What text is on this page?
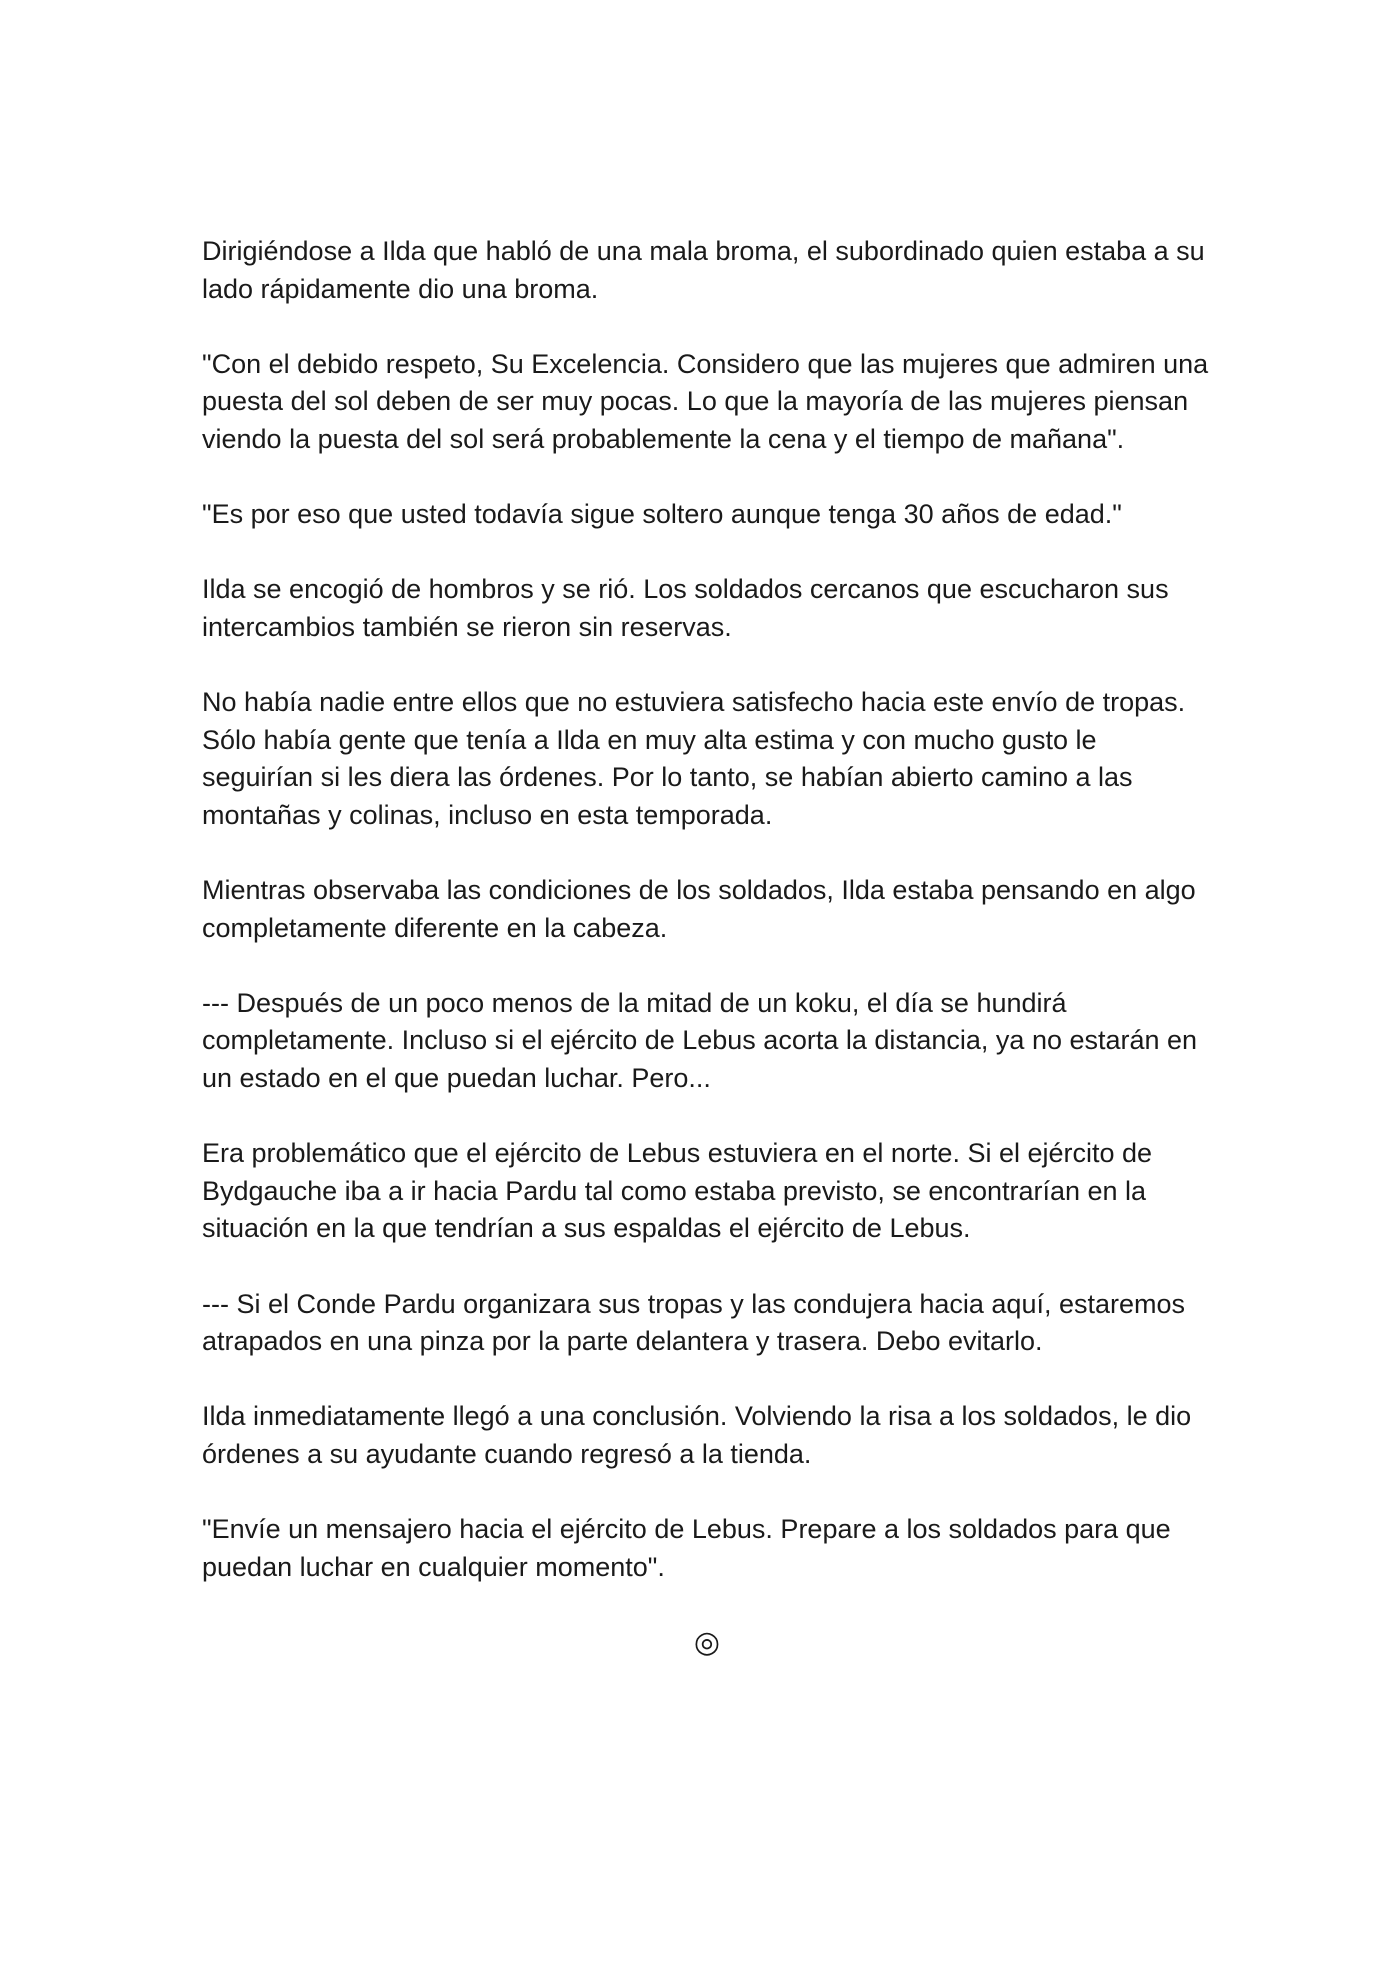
Dirigiéndose a Ilda que habló de una mala broma, el subordinado quien estaba a su lado rápidamente dio una broma.

"Con el debido respeto, Su Excelencia. Considero que las mujeres que admiren una puesta del sol deben de ser muy pocas. Lo que la mayoría de las mujeres piensan viendo la puesta del sol será probablemente la cena y el tiempo de mañana".

"Es por eso que usted todavía sigue soltero aunque tenga 30 años de edad."

Ilda se encogió de hombros y se rió. Los soldados cercanos que escucharon sus intercambios también se rieron sin reservas.

No había nadie entre ellos que no estuviera satisfecho hacia este envío de tropas. Sólo había gente que tenía a Ilda en muy alta estima y con mucho gusto le seguirían si les diera las órdenes. Por lo tanto, se habían abierto camino a las montañas y colinas, incluso en esta temporada.

Mientras observaba las condiciones de los soldados, Ilda estaba pensando en algo completamente diferente en la cabeza.

--- Después de un poco menos de la mitad de un koku, el día se hundirá completamente. Incluso si el ejército de Lebus acorta la distancia, ya no estarán en un estado en el que puedan luchar. Pero...

Era problemático que el ejército de Lebus estuviera en el norte. Si el ejército de Bydgauche iba a ir hacia Pardu tal como estaba previsto, se encontrarían en la situación en la que tendrían a sus espaldas el ejército de Lebus.

--- Si el Conde Pardu organizara sus tropas y las condujera hacia aquí, estaremos atrapados en una pinza por la parte delantera y trasera. Debo evitarlo.

Ilda inmediatamente llegó a una conclusión. Volviendo la risa a los soldados, le dio órdenes a su ayudante cuando regresó a la tienda.

"Envíe un mensajero hacia el ejército de Lebus. Prepare a los soldados para que puedan luchar en cualquier momento".

◎
